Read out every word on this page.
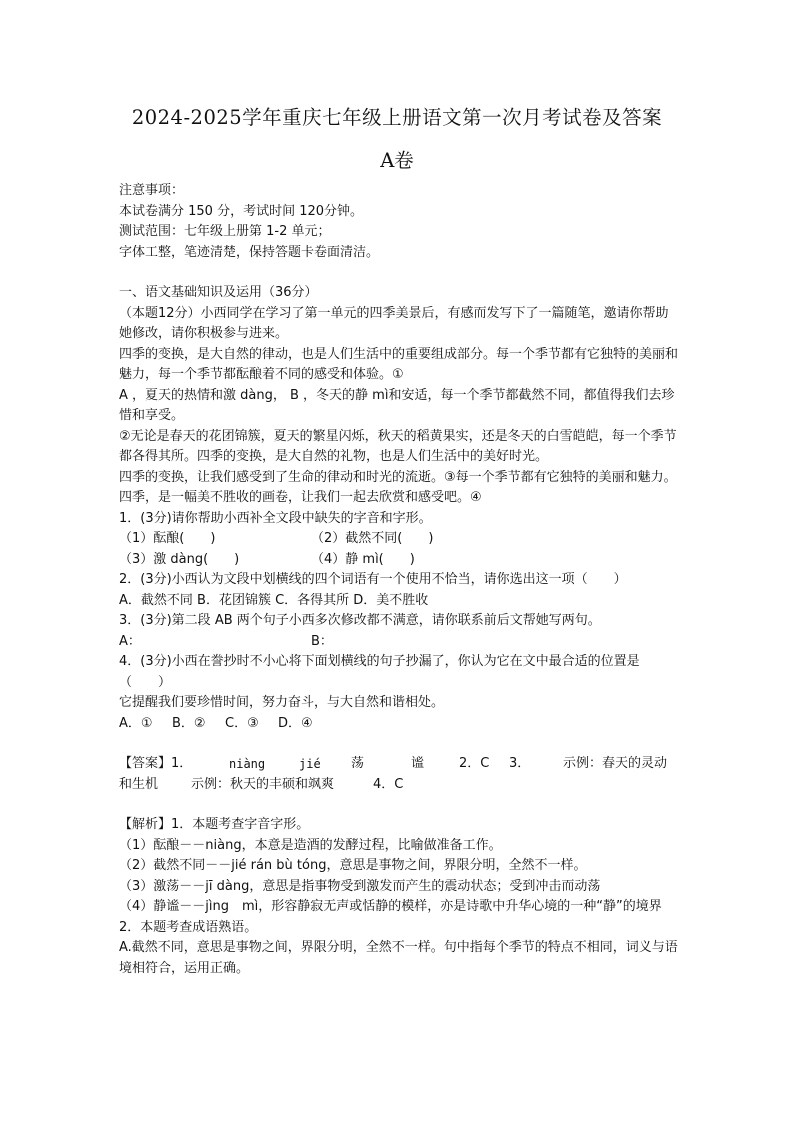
2024-2025学年重庆七年级上册语文第一次月考试卷及答案
A卷

注意事项：

本试卷满分 150 分，考试时间 120分钟。

测试范围：七年级上册第 1-2 单元；

字体工整，笔迹清楚，保持答题卡卷面清洁。

一、语文基础知识及运用（36分）

（本题12分）小西同学在学习了第一单元的四季美景后，有感而发写下了一篇随笔，邀请你帮助她修改，请你积极参与进来。

四季的变换，是大自然的律动，也是人们生活中的重要组成部分。每一个季节都有它独特的美丽和魅力，每一个季节都酝酿着不同的感受和体验。①

A ，夏天的热情和激 dàng， B ，冬天的静 mì和安适，每一个季节都截然不同，都值得我们去珍惜和享受。

②无论是春天的花团锦簇，夏天的繁星闪烁，秋天的稻黄果实，还是冬天的白雪皑皑，每一个季节都各得其所。四季的变换，是大自然的礼物，也是人们生活中的美好时光。

四季的变换，让我们感受到了生命的律动和时光的流逝。③每一个季节都有它独特的美丽和魅力。四季，是一幅美不胜收的画卷，让我们一起去欣赏和感受吧。④

1．(3分)请你帮助小西补全文段中缺失的字音和字形。

（1）酝酿(　　)	（2）截然不同(　　)
（3）激 dàng(　　)	（4）静 mì(　　)

2．(3分)小西认为文段中划横线的四个词语有一个使用不恰当，请你选出这一项（　　）

A．截然不同 B．花团锦簇 C．各得其所 D．美不胜收

3．(3分)第二段 AB 两个句子小西多次修改都不满意，请你联系前后文帮她写两句。

A：	B：

4．(3分)小西在誊抄时不小心将下面划横线的句子抄漏了，你认为它在文中最合适的位置是（　　）

它提醒我们要珍惜时间，努力奋斗，与大自然和谐相处。

A．①	B．②	C．③	D．④
【答案】1．	niàng	jié	荡	谧	2．C	3．	示例：春天的灵动
和生机	示例：秋天的丰硕和飒爽	4．C

【解析】1．本题考查字音字形。

（1）酝酿－－niàng，本意是造酒的发酵过程，比喻做准备工作。

（2）截然不同－－jié rán bù tóng，意思是事物之间，界限分明，全然不一样。

（3）激荡－－jī dàng，意思是指事物受到激发而产生的震动状态；受到冲击而动荡

（4）静谧－－jìng　mì，形容静寂无声或恬静的模样，亦是诗歌中升华心境的一种“静”的境界

2．本题考查成语熟语。

A.截然不同，意思是事物之间，界限分明，全然不一样。句中指每个季节的特点不相同，词义与语境相符合，运用正确。
